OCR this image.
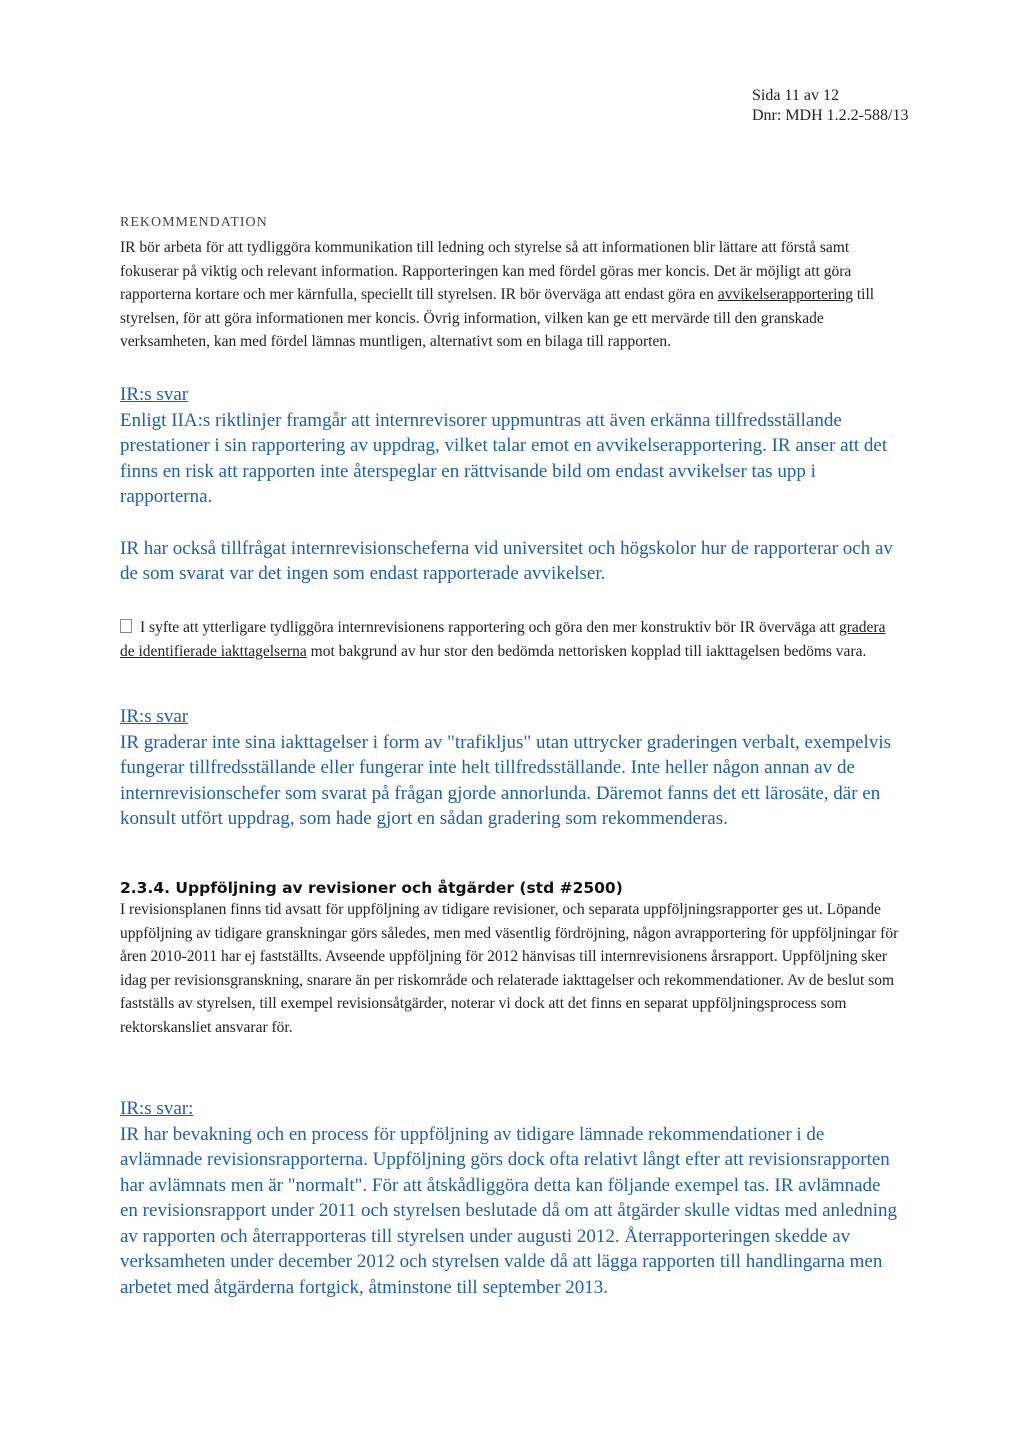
Sida 11 av 12
Dnr: MDH 1.2.2-588/13
REKOMMENDATION

IR bör arbeta för att tydliggöra kommunikation till ledning och styrelse så att informationen blir lättare att förstå samt fokuserar på viktig och relevant information. Rapporteringen kan med fördel göras mer koncis. Det är möjligt att göra rapporterna kortare och mer kärnfulla, speciellt till styrelsen. IR bör överväga att endast göra en avvikelserapportering till styrelsen, för att göra informationen mer koncis. Övrig information, vilken kan ge ett mervärde till den granskade verksamheten, kan med fördel lämnas muntligen, alternativt som en bilaga till rapporten.

IR:s svar

Enligt IIA:s riktlinjer framgår att internrevisorer uppmuntras att även erkänna tillfredsställande prestationer i sin rapportering av uppdrag, vilket talar emot en avvikelserapportering. IR anser att det finns en risk att rapporten inte återspeglar en rättvisande bild om endast avvikelser tas upp i rapporterna.

IR har också tillfrågat internrevisionscheferna vid universitet och högskolor hur de rapporterar och av de som svarat var det ingen som endast rapporterade avvikelser.

I syfte att ytterligare tydliggöra internrevisionens rapportering och göra den mer konstruktiv bör IR överväga att gradera de identifierade iakttagelserna mot bakgrund av hur stor den bedömda nettorisken kopplad till iakttagelsen bedöms vara.

IR:s svar

IR graderar inte sina iakttagelser i form av "trafikljus" utan uttrycker graderingen verbalt, exempelvis fungerar tillfredsställande eller fungerar inte helt tillfredsställande. Inte heller någon annan av de internrevisionschefer som svarat på frågan gjorde annorlunda. Däremot fanns det ett lärosäte, där en konsult utfört uppdrag, som hade gjort en sådan gradering som rekommenderas.

2.3.4. Uppföljning av revisioner och åtgärder (std #2500)

I revisionsplanen finns tid avsatt för uppföljning av tidigare revisioner, och separata uppföljningsrapporter ges ut. Löpande uppföljning av tidigare granskningar görs således, men med väsentlig fördröjning, någon avrapportering för uppföljningar för åren 2010-2011 har ej fastställts. Avseende uppföljning för 2012 hänvisas till internrevisionens årsrapport. Uppföljning sker idag per revisionsgranskning, snarare än per riskområde och relaterade iakttagelser och rekommendationer. Av de beslut som fastställs av styrelsen, till exempel revisionsåtgärder, noterar vi dock att det finns en separat uppföljningsprocess som rektorskansliet ansvarar för.

IR:s svar:

IR har bevakning och en process för uppföljning av tidigare lämnade rekommendationer i de avlämnade revisionsrapporterna. Uppföljning görs dock ofta relativt långt efter att revisionsrapporten har avlämnats men är "normalt". För att åtskådliggöra detta kan följande exempel tas. IR avlämnade en revisionsrapport under 2011 och styrelsen beslutade då om att åtgärder skulle vidtas med anledning av rapporten och återrapporteras till styrelsen under augusti 2012. Återrapporteringen skedde av verksamheten under december 2012 och styrelsen valde då att lägga rapporten till handlingarna men arbetet med åtgärderna fortgick, åtminstone till september 2013.
